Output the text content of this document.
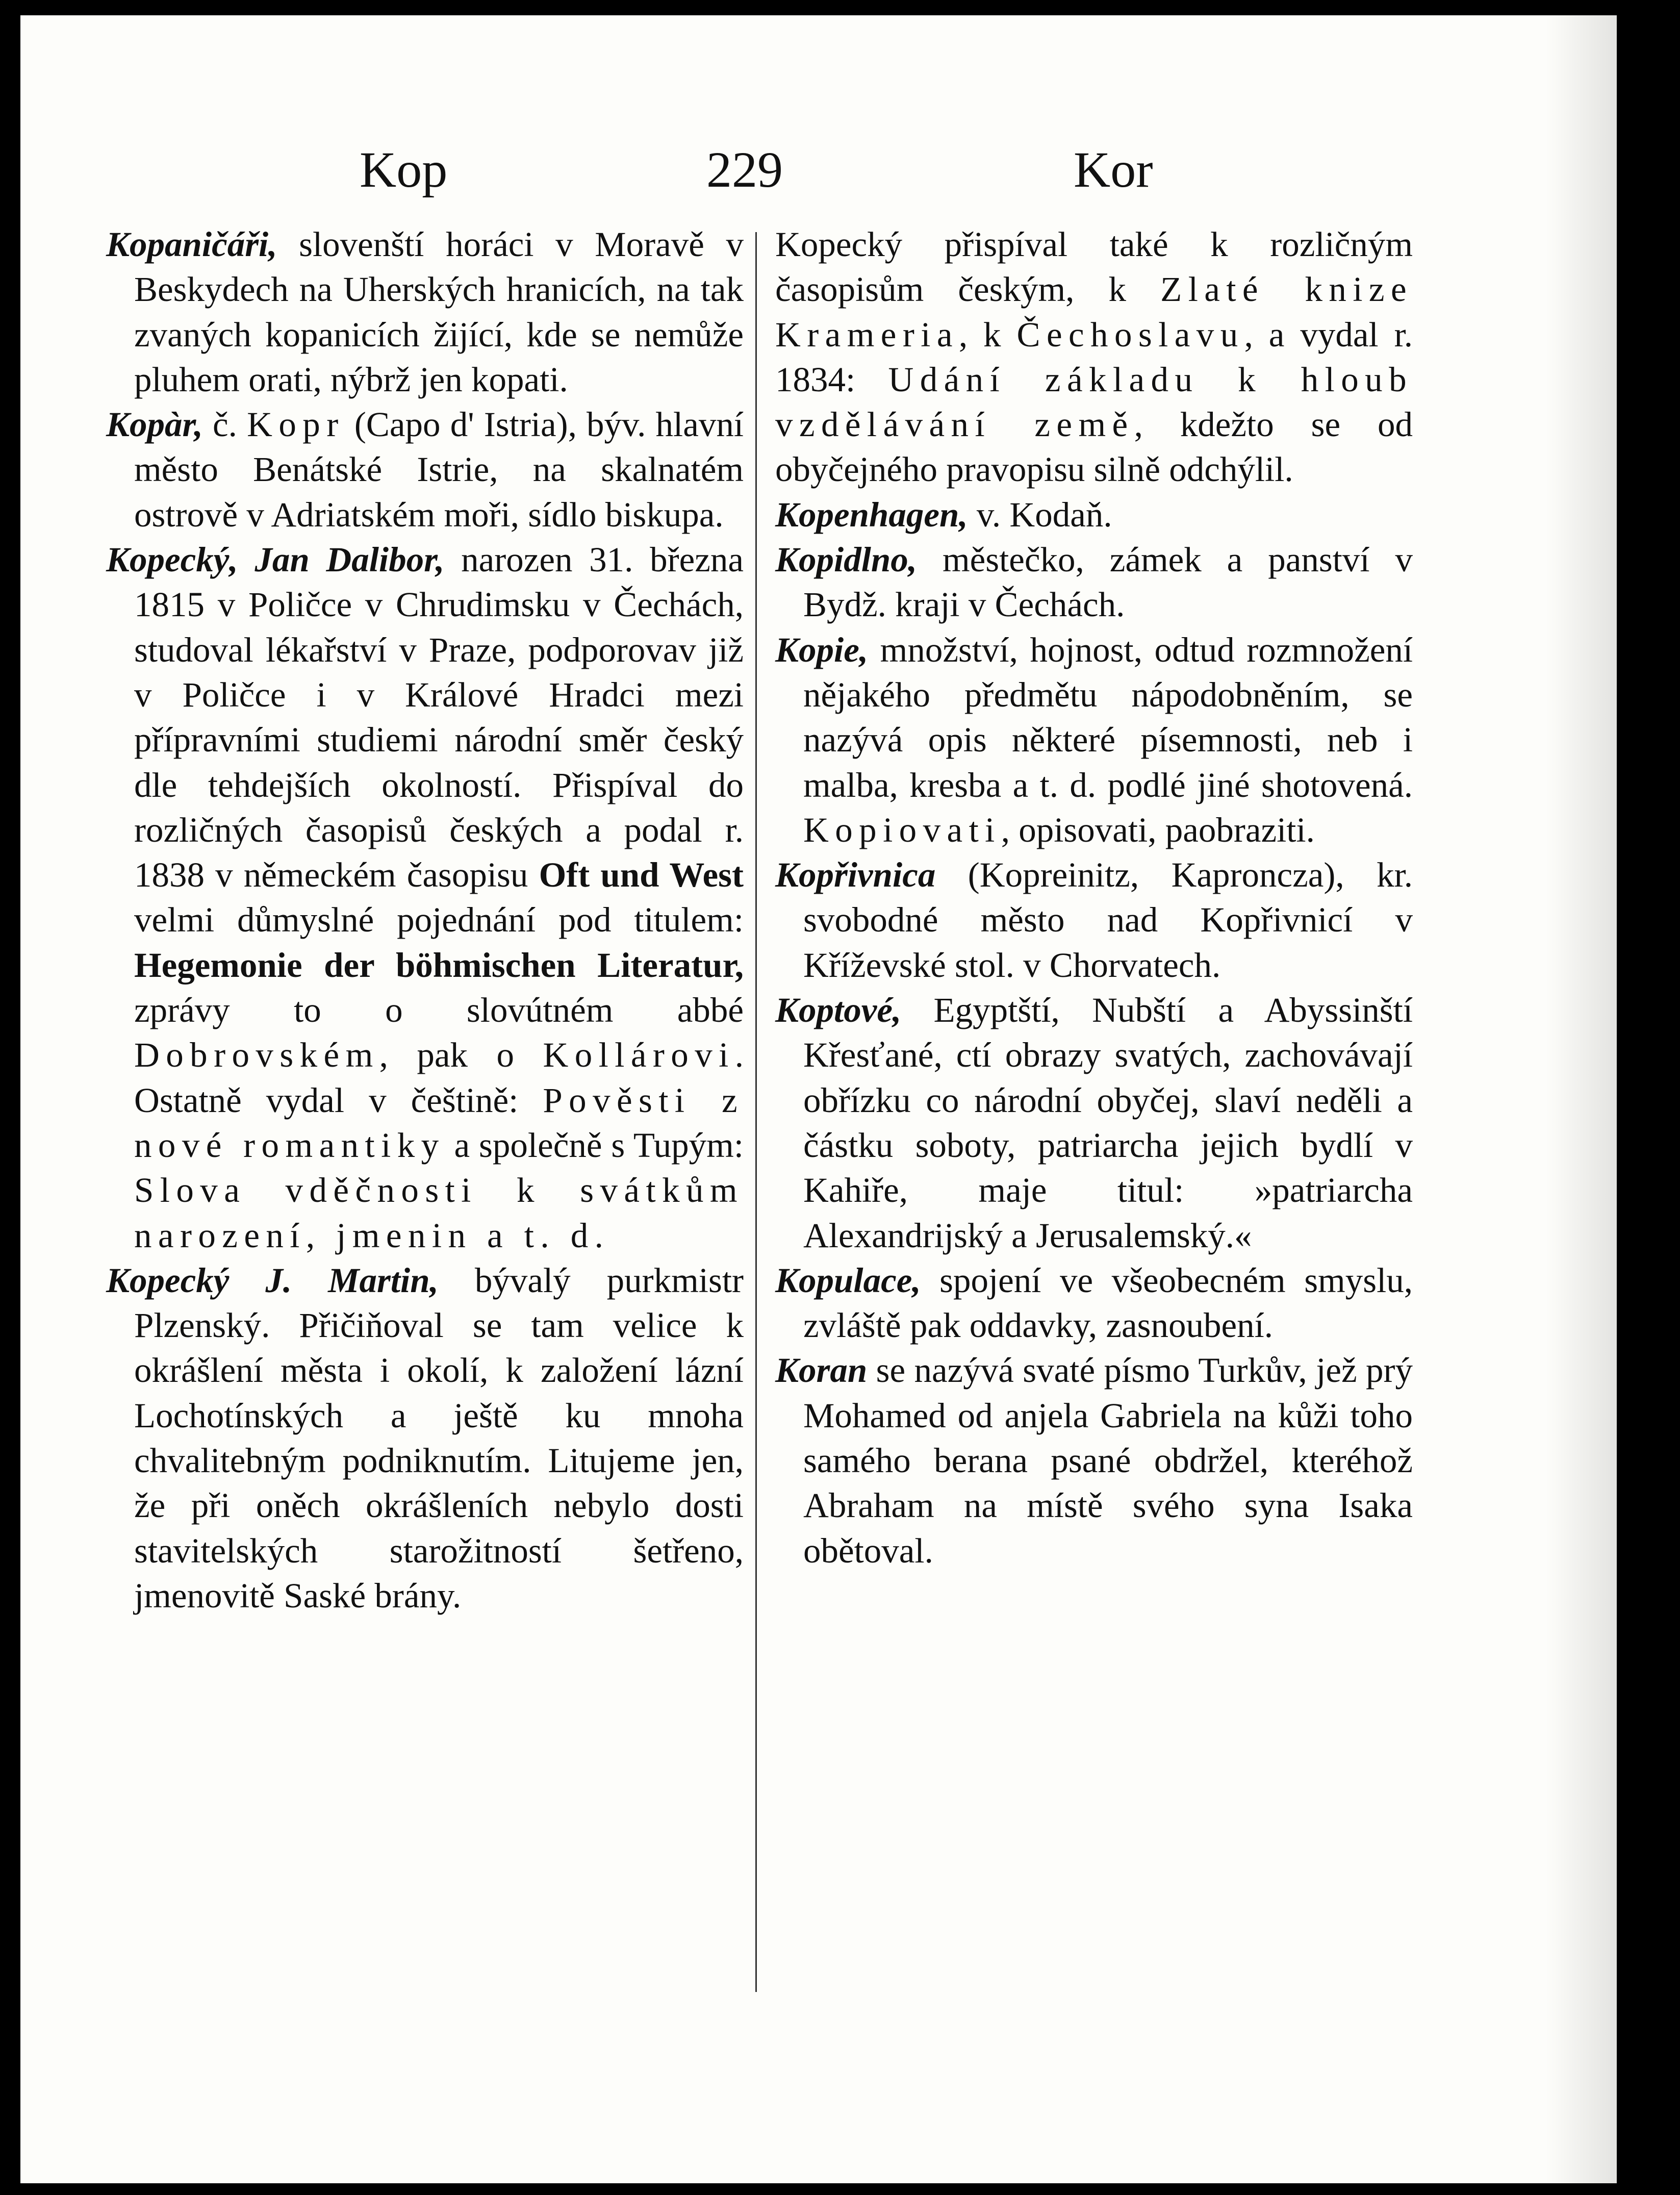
Kop	229	Kor

Kopaničáři, slovenští horáci v Moravě v Beskydech na Uherských hranicích, na tak zvaných kopanicích žijící, kde se nemůže pluhem orati, nýbrž jen kopati.

Kopàr, č. Kopr (Capo d' Istria), býv. hlavní město Benátské Istrie, na skalnatém ostrově v Adriatském moři, sídlo biskupa.

Kopecký, Jan Dalibor, narozen 31. března 1815 v Poličce v Chrudimsku v Čechách, studoval lékařství v Praze, podporovav již v Poličce i v Králové Hradci mezi přípravními studiemi národní směr český dle tehdejších okolností. Přispíval do rozličných časopisů českých a podal r. 1838 v německém časopisu Oft und West velmi důmyslné pojednání pod titulem: Hegemonie der böhmischen Literatur, zprávy to o slovútném abbé Dobrovském, pak o Kollárovi. Ostatně vydal v češtině: Pověsti z nové romantiky a společně s Tupým: Slova vděčnosti k svátkům narození, jmenin a t. d.

Kopecký J. Martin, bývalý purkmistr Plzenský. Přičiňoval se tam velice k okrášlení města i okolí, k založení lázní Lochotínských a ještě ku mnoha chvalitebným podniknutím. Litujeme jen, že při oněch okrášleních nebylo dosti stavitelských starožitností šetřeno, jmenovitě Saské brány.

Kopecký přispíval také k rozličným časopisům českým, k Zlaté knize Krameria, k Čechoslavu, a vydal r. 1834: Udání základu k hloub vzdělávání země, kdežto se od obyčejného pravopisu silně odchýlil.

Kopenhagen, v. Kodaň.

Kopidlno, městečko, zámek a panství v Bydž. kraji v Čechách.

Kopie, množství, hojnost, odtud rozmnožení nějakého předmětu nápodobněním, se nazývá opis některé písemnosti, neb i malba, kresba a t. d. podlé jiné shotovená. Kopiovati, opisovati, paobraziti.

Kopřivnica (Kopreinitz, Kaproncza), kr. svobodné město nad Kopřivnicí v Kříževské stol. v Chorvatech.

Koptové, Egyptští, Nubští a Abyssinští Křesťané, ctí obrazy svatých, zachovávají obřízku co národní obyčej, slaví neděli a částku soboty, patriarcha jejich bydlí v Kahiře, maje titul: »patriarcha Alexandrijský a Jerusalemský.«

Kopulace, spojení ve všeobecném smyslu, zvláště pak oddavky, zasnoubení.

Koran se nazývá svaté písmo Turkův, jež prý Mohamed od anjela Gabriela na kůži toho samého berana psané obdržel, kteréhož Abraham na místě svého syna Isaka obětoval.
